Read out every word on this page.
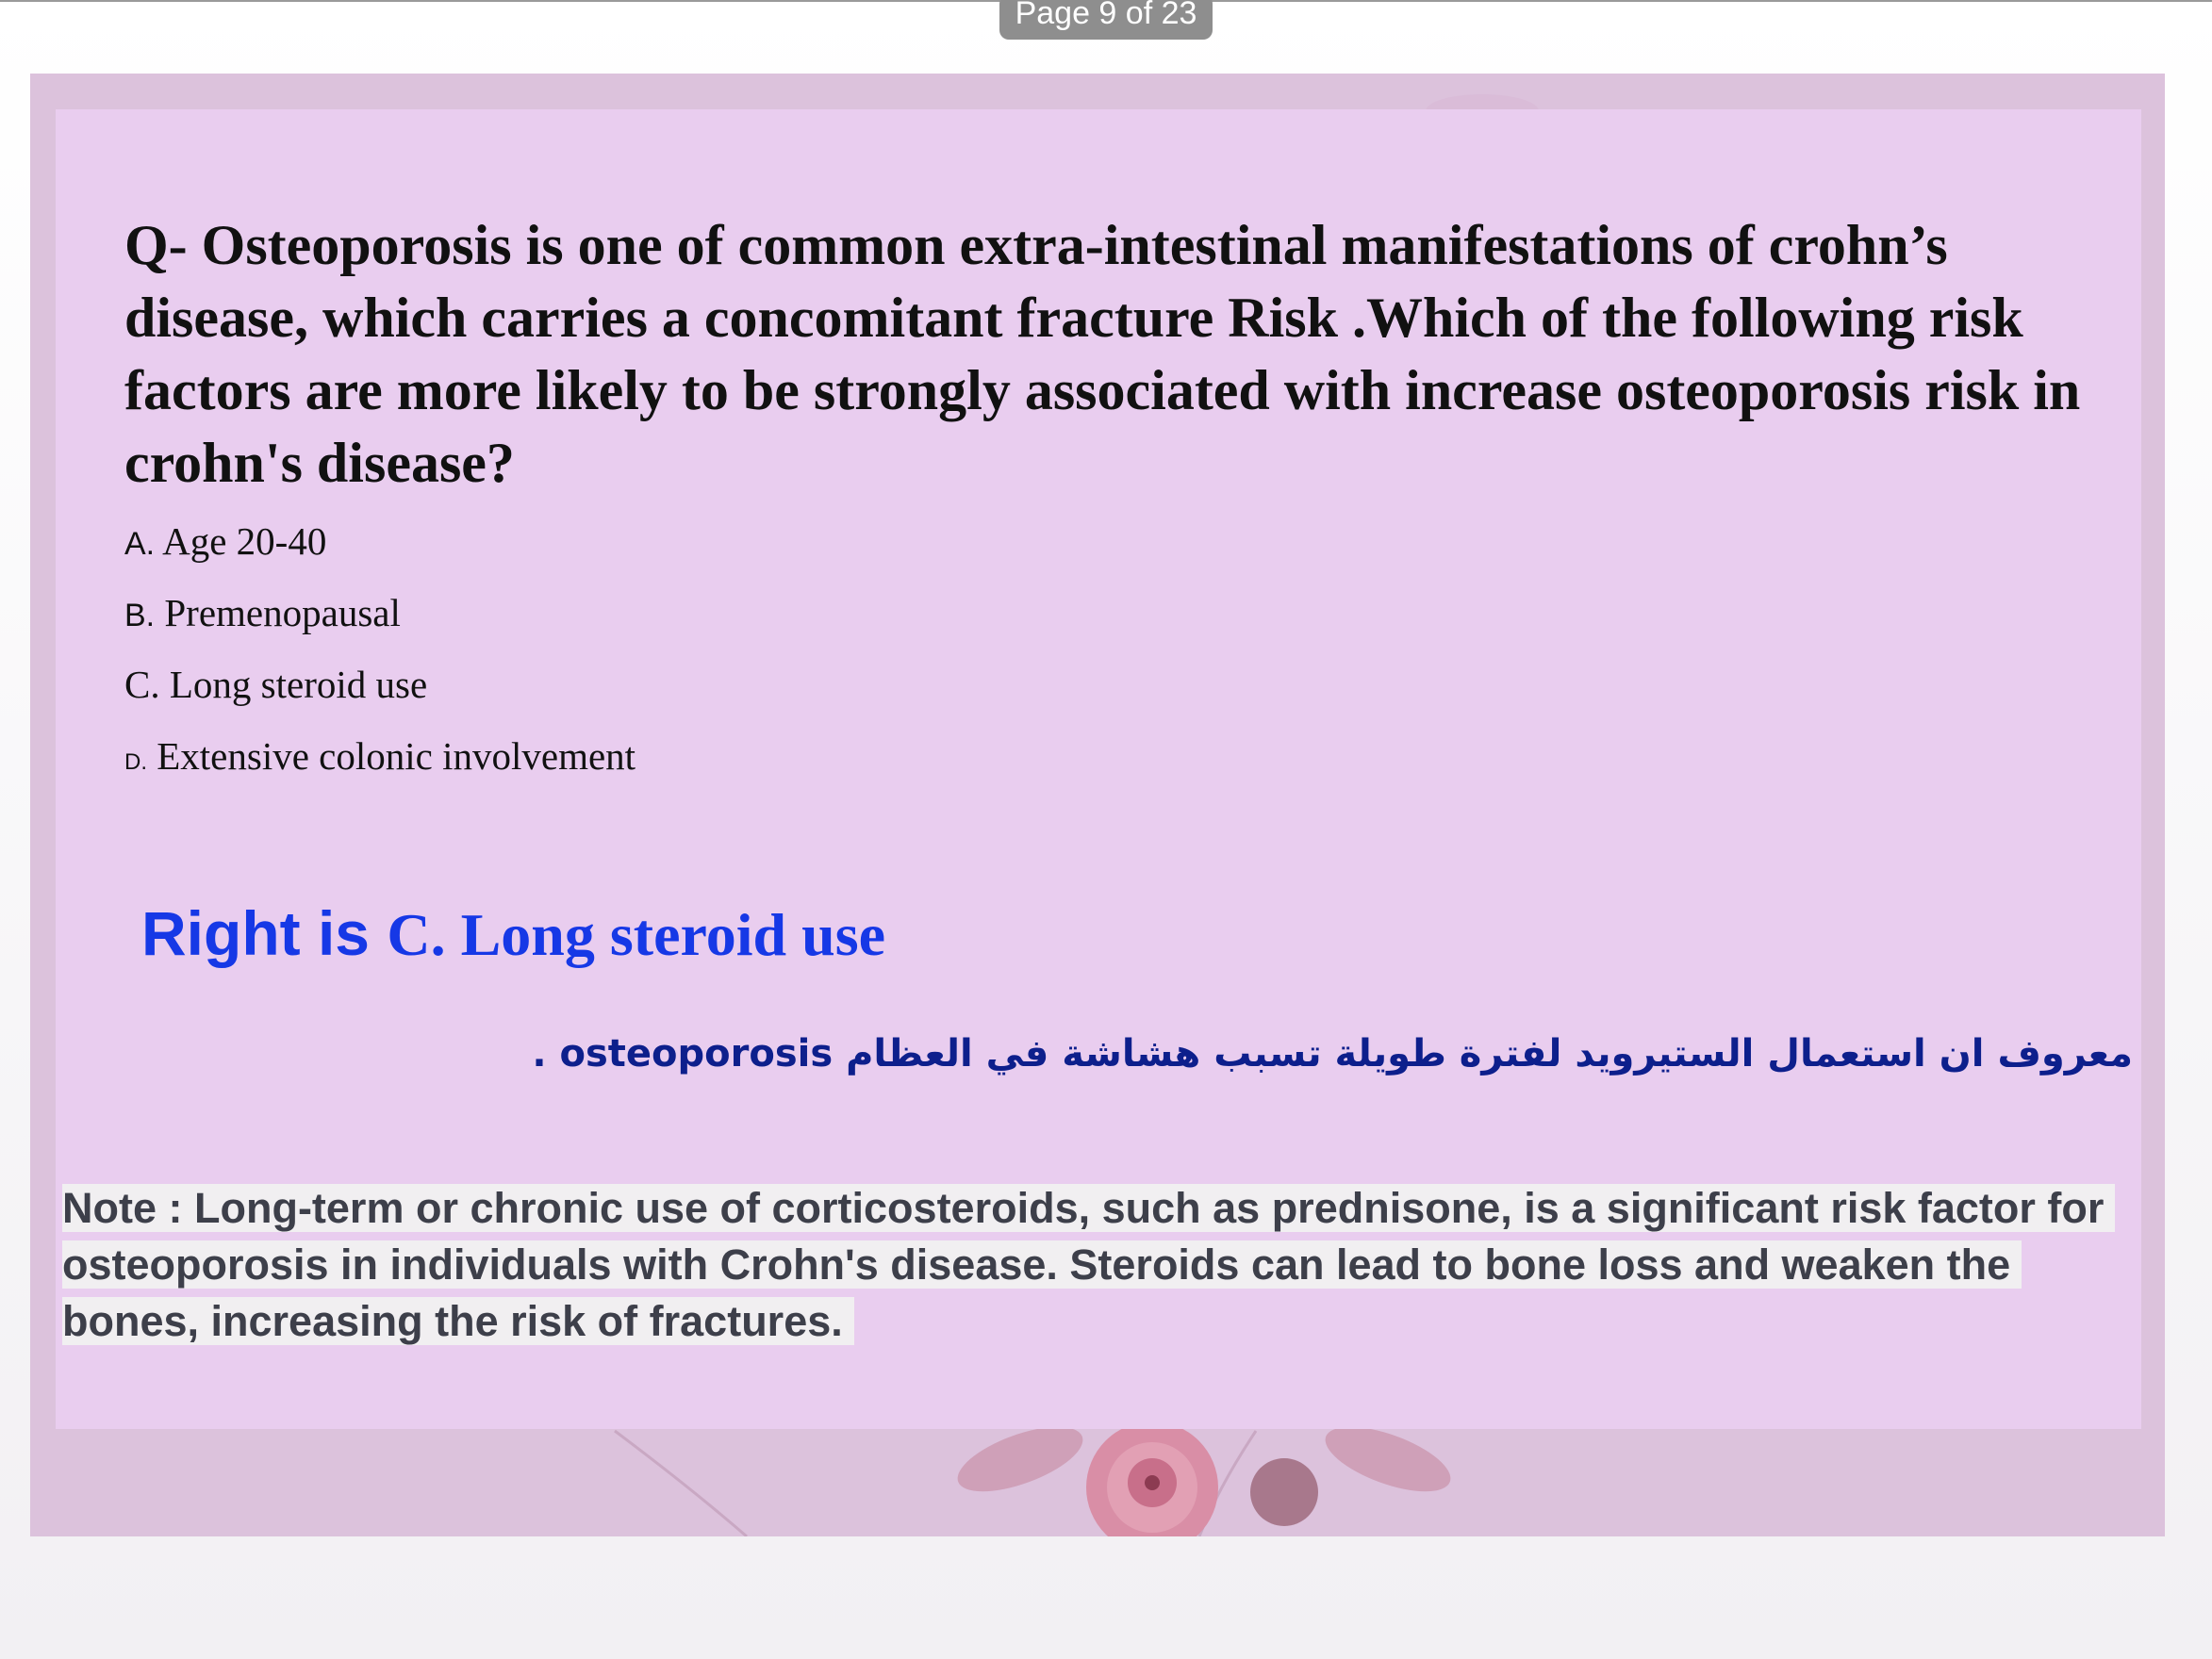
Q- Osteoporosis is one of common extra-intestinal manifestations of crohn’s disease, which carries a concomitant fracture Risk .Which of the following risk factors are more likely to be strongly associated with increase osteoporosis risk in crohn's disease?

A. Age 20-40
B. Premenopausal
C. Long steroid use
D. Extensive colonic involvement
Right is C. Long steroid use
معروف ان استعمال الستيرويد لفترة طويلة تسبب هشاشة في العظام osteoporosis .
Note : Long-term or chronic use of corticosteroids, such as prednisone, is a significant risk factor for osteoporosis in individuals with Crohn's disease. Steroids can lead to bone loss and weaken the bones, increasing the risk of fractures.
Page 9 of 23
